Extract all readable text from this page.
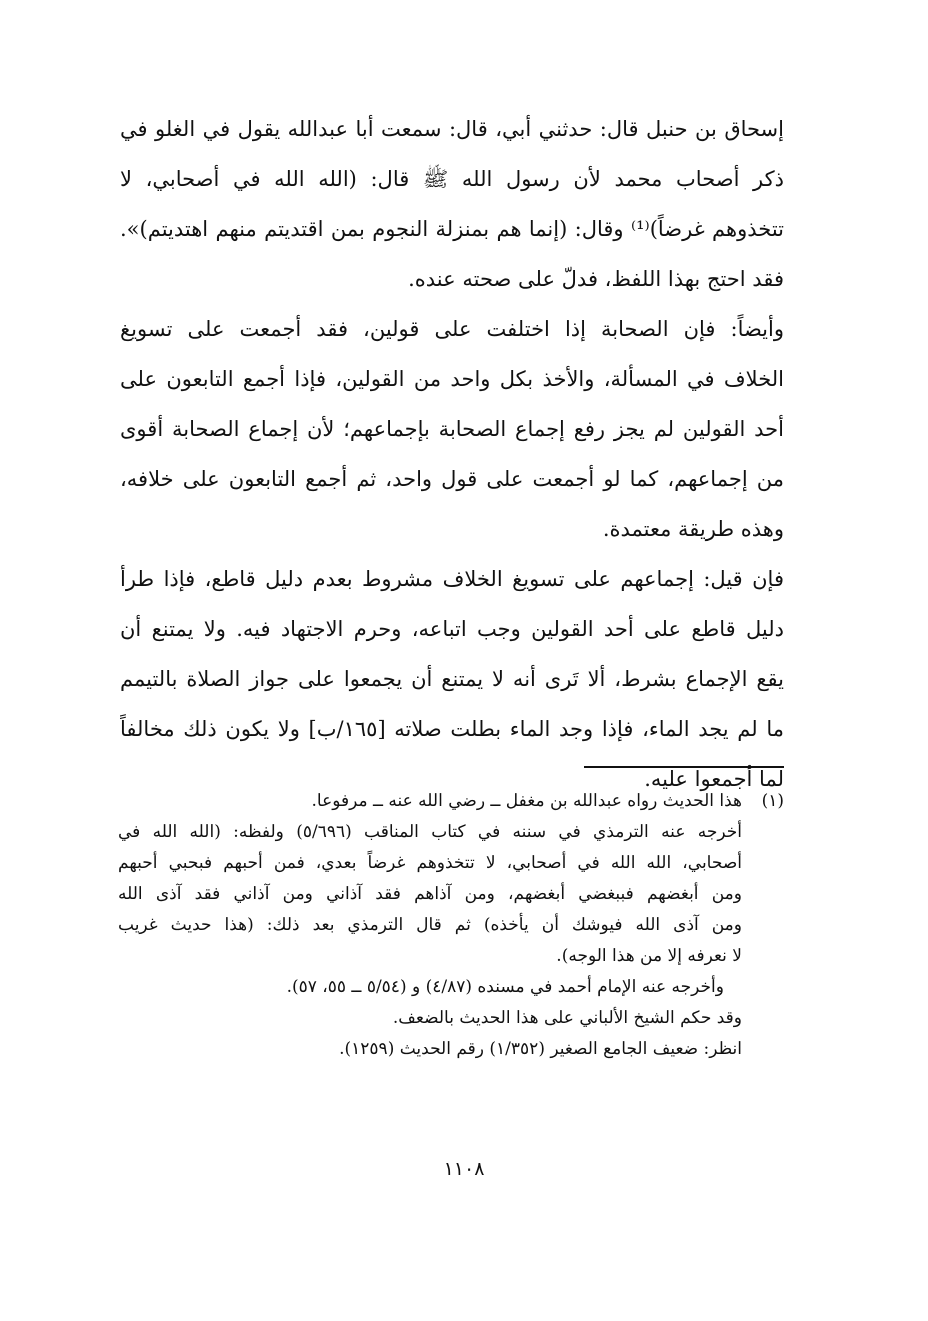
إسحاق بن حنبل قال: حدثني أبي، قال: سمعت أبا عبدالله يقول في الغلو في
ذكر أصحاب محمد لأن رسول الله ﷺ قال: (الله الله في أصحابي، لا
تتخذوهم غرضاً)⁽¹⁾ وقال: (إنما هم بمنزلة النجوم بمن اقتديتم منهم اهتديتم)».
فقد احتج بهذا اللفظ، فدلّ على صحته عنده.
وأيضاً: فإن الصحابة إذا اختلفت على قولين، فقد أجمعت على تسويغ
الخلاف في المسألة، والأخذ بكل واحد من القولين، فإذا أجمع التابعون على
أحد القولين لم يجز رفع إجماع الصحابة بإجماعهم؛ لأن إجماع الصحابة أقوى
من إجماعهم، كما لو أجمعت على قول واحد، ثم أجمع التابعون على خلافه،
وهذه طريقة معتمدة.
فإن قيل: إجماعهم على تسويغ الخلاف مشروط بعدم دليل قاطع، فإذا طرأ
دليل قاطع على أحد القولين وجب اتباعه، وحرم الاجتهاد فيه. ولا يمتنع أن
يقع الإجماع بشرط، ألا تَرى أنه لا يمتنع أن يجمعوا على جواز الصلاة بالتيمم
ما لم يجد الماء، فإذا وجد الماء بطلت صلاته [١٦٥/ب] ولا يكون ذلك مخالفاً
لما أجمعوا عليه.
(١)هذا الحديث رواه عبدالله بن مغفل ــ رضي الله عنه ــ مرفوعا.
أخرجه عنه الترمذي في سننه في كتاب المناقب (٥/٦٩٦) ولفظه: (الله الله في
أصحابي، الله الله في أصحابي، لا تتخذوهم غرضاً بعدي، فمن أحبهم فبحبي أحبهم
ومن أبغضهم فببغضي أبغضهم، ومن آذاهم فقد آذاني ومن آذاني فقد آذى الله
ومن آذى الله فيوشك أن يأخذه) ثم قال الترمذي بعد ذلك: (هذا حديث غريب
لا نعرفه إلا من هذا الوجه).
وأخرجه عنه الإمام أحمد في مسنده (٤/٨٧) و (٥/٥٤ ــ ٥٥، ٥٧).
وقد حكم الشيخ الألباني على هذا الحديث بالضعف.
انظر: ضعيف الجامع الصغير (١/٣٥٢) رقم الحديث (١٢٥٩).
١١٠٨
